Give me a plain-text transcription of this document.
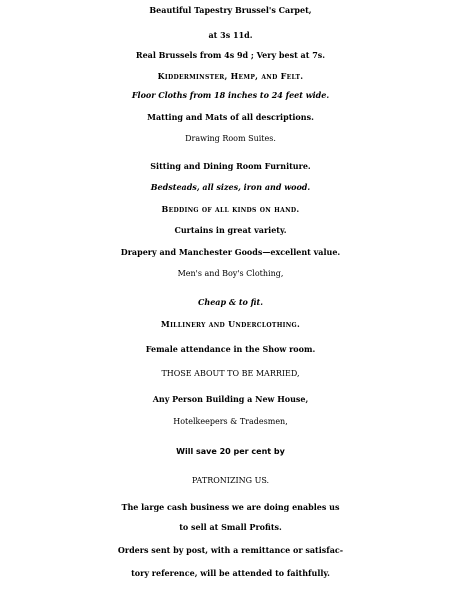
Beautiful Tapestry Brussel's Carpet,
at 3s 11d.
Real Brussels from 4s 9d ; Very best at 7s.
Kidderminster, Hemp, and Felt.
Floor Cloths from 18 inches to 24 feet wide.
Matting and Mats of all descriptions.
Drawing Room Suites.
Sitting and Dining Room Furniture.
Bedsteads, all sizes, iron and wood.
Bedding of all kinds on hand.
Curtains in great variety.
Drapery and Manchester Goods—excellent value.
Men's and Boy's Clothing,
Cheap & to fit.
Millinery and Underclothing.
Female attendance in the Show room.
THOSE ABOUT TO BE MARRIED,
Any Person Building a New House,
Hotelkeepers & Tradesmen,
Will save 20 per cent by
PATRONIZING US.
The large cash business we are doing enables us
to sell at Small Profits.
Orders sent by post, with a remittance or satisfac-
tory reference, will be attended to faithfully.
